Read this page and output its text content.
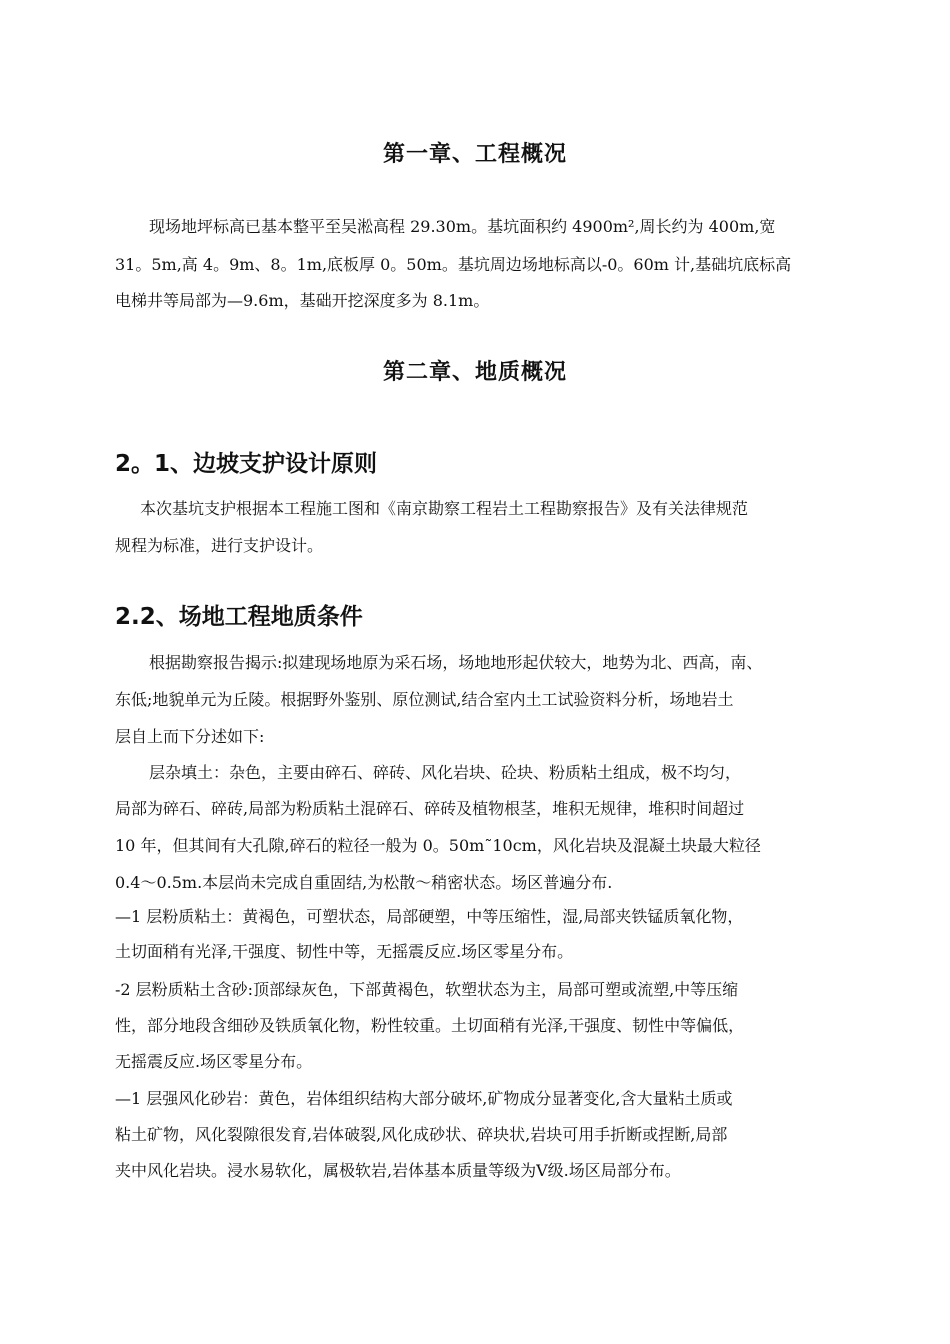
第一章、工程概况

现场地坪标高已基本整平至吴淞高程 29.30m。基坑面积约 4900m²,周长约为 400m,宽

31。5m,高 4。9m、8。1m,底板厚 0。50m。基坑周边场地标高以-0。60m 计,基础坑底标高

电梯井等局部为—9.6m，基础开挖深度多为 8.1m。

第二章、地质概况
2。1、边坡支护设计原则

本次基坑支护根据本工程施工图和《南京勘察工程岩土工程勘察报告》及有关法律规范

规程为标准，进行支护设计。

2.2、场地工程地质条件

根据勘察报告揭示:拟建现场地原为采石场，场地地形起伏较大，地势为北、西高，南、

东低;地貌单元为丘陵。根据野外鉴别、原位测试,结合室内土工试验资料分析，场地岩土

层自上而下分述如下:

层杂填土：杂色，主要由碎石、碎砖、风化岩块、砼块、粉质粘土组成，极不均匀，

局部为碎石、碎砖,局部为粉质粘土混碎石、碎砖及植物根茎，堆积无规律，堆积时间超过

10 年，但其间有大孔隙,碎石的粒径一般为 0。50m˜10cm，风化岩块及混凝土块最大粒径

0.4～0.5m.本层尚未完成自重固结,为松散～稍密状态。场区普遍分布.

—1 层粉质粘土：黄褐色，可塑状态，局部硬塑，中等压缩性，湿,局部夹铁锰质氧化物，

土切面稍有光泽,干强度、韧性中等，无摇震反应.场区零星分布。

-2 层粉质粘土含砂:顶部绿灰色，下部黄褐色，软塑状态为主，局部可塑或流塑,中等压缩

性，部分地段含细砂及铁质氧化物，粉性较重。土切面稍有光泽,干强度、韧性中等偏低，

无摇震反应.场区零星分布。

—1 层强风化砂岩：黄色，岩体组织结构大部分破坏,矿物成分显著变化,含大量粘土质或

粘土矿物，风化裂隙很发育,岩体破裂,风化成砂状、碎块状,岩块可用手折断或捏断,局部

夹中风化岩块。浸水易软化，属极软岩,岩体基本质量等级为Ⅴ级.场区局部分布。
